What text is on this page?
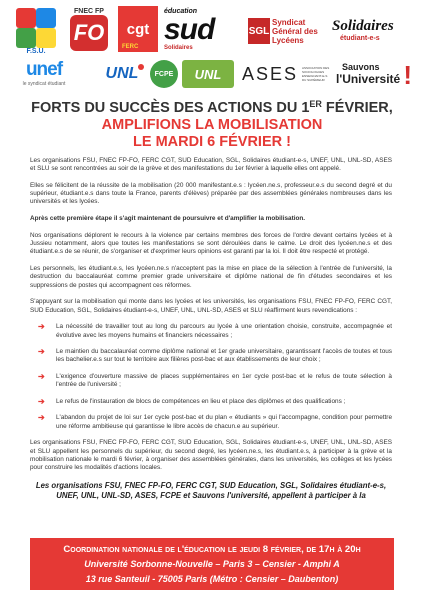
F.S.U.
FNEC FP
FO cgt
FERC
éducation
sud
Solidaires
SGL
Syndicat Général des Lycéens
Solidaires
étudiant-e-s
unef
le syndicat étudiant
UNL FCPE UNL ASES ASSOCIATION DES SOCIOLOGUES ENSEIGNANT-E-S DU SUPÉRIEUR
Sauvons
l'Université !
FORTS DU SUCCÈS DES ACTIONS DU 1ER FÉVRIER,
AMPLIFIONS LA MOBILISATION
LE MARDI 6 FÉVRIER !

Les organisations FSU, FNEC FP-FO, FERC CGT, SUD Education, SGL, Solidaires étudiant-e-s, UNEF, UNL, UNL-SD, ASES et SLU se sont rencontrées au soir de la grève et des manifestations du 1er février à laquelle elles ont appelé.

Elles se félicitent de la réussite de la mobilisation (20 000 manifestant.e.s : lycéen.ne.s, professeur.e.s du second degré et du supérieur, étudiant.e.s dans toute la France, parents d'élèves) préparée par des assemblées générales nombreuses dans les universités et les lycées.

Après cette première étape il s'agit maintenant de poursuivre et d'amplifier la mobilisation.

Nos organisations déplorent le recours à la violence par certains membres des forces de l'ordre devant certains lycées et à Jussieu notamment, alors que toutes les manifestations se sont déroulées dans le calme. Le droit des lycéen.ne.s et des étudiant.e.s de se réunir, de s'organiser et d'exprimer leurs opinions est garanti par la loi. Il doit être respecté et protégé.

Les personnels, les étudiant.e.s, les lycéen.ne.s n'acceptent pas la mise en place de la sélection à l'entrée de l'université, la destruction du baccalauréat comme premier grade universitaire et diplôme national de fin d'études secondaires et les suppressions de postes qui accompagnent ces réformes.

S'appuyant sur la mobilisation qui monte dans les lycées et les universités, les organisations FSU, FNEC FP-FO, FERC CGT, SUD Education, SGL, Solidaires étudiant-e-s, UNEF, UNL, UNL-SD, ASES et SLU réaffirment leurs revendications :

➔ La nécessité de travailler tout au long du parcours au lycée à une orientation choisie, construite, accompagnée et évolutive avec les moyens humains et financiers nécessaires ;
➔ Le maintien du baccalauréat comme diplôme national et 1er grade universitaire, garantissant l'accès de toutes et tous les bachelier.e.s sur tout le territoire aux filières post-bac et aux établissements de leur choix ;
➔ L'exigence d'ouverture massive de places supplémentaires en 1er cycle post-bac et le refus de toute sélection à l'entrée de l'université ;
➔ Le refus de l'instauration de blocs de compétences en lieu et place des diplômes et des qualifications ;
➔ L'abandon du projet de loi sur 1er cycle post-bac et du plan « étudiants » qui l'accompagne, condition pour permettre une réforme ambitieuse qui garantisse le libre accès de chacun.e au supérieur.

Les organisations FSU, FNEC FP-FO, FERC CGT, SUD Education, SGL, Solidaires étudiant-e-s, UNEF, UNL, UNL-SD, ASES et SLU appellent les personnels du supérieur, du second degré, les lycéen.ne.s, les étudiant.e.s, à participer à la grève et la mobilisation nationale le mardi 6 février, à organiser des assemblées générales, dans les universités, les collèges et les lycées pour construire les modalités d'actions locales.

Les organisations FSU, FNEC FP-FO, FERC CGT, SUD Education, SGL, Solidaires étudiant-e-s, UNEF, UNL, UNL-SD, ASES, FCPE et Sauvons l'université, appellent à participer à la

Coordination nationale de l'éducation le jeudi 8 février, de 17h à 20h
Université Sorbonne-Nouvelle – Paris 3 – Censier - Amphi A
13 rue Santeuil - 75005 Paris (Métro : Censier – Daubenton)
